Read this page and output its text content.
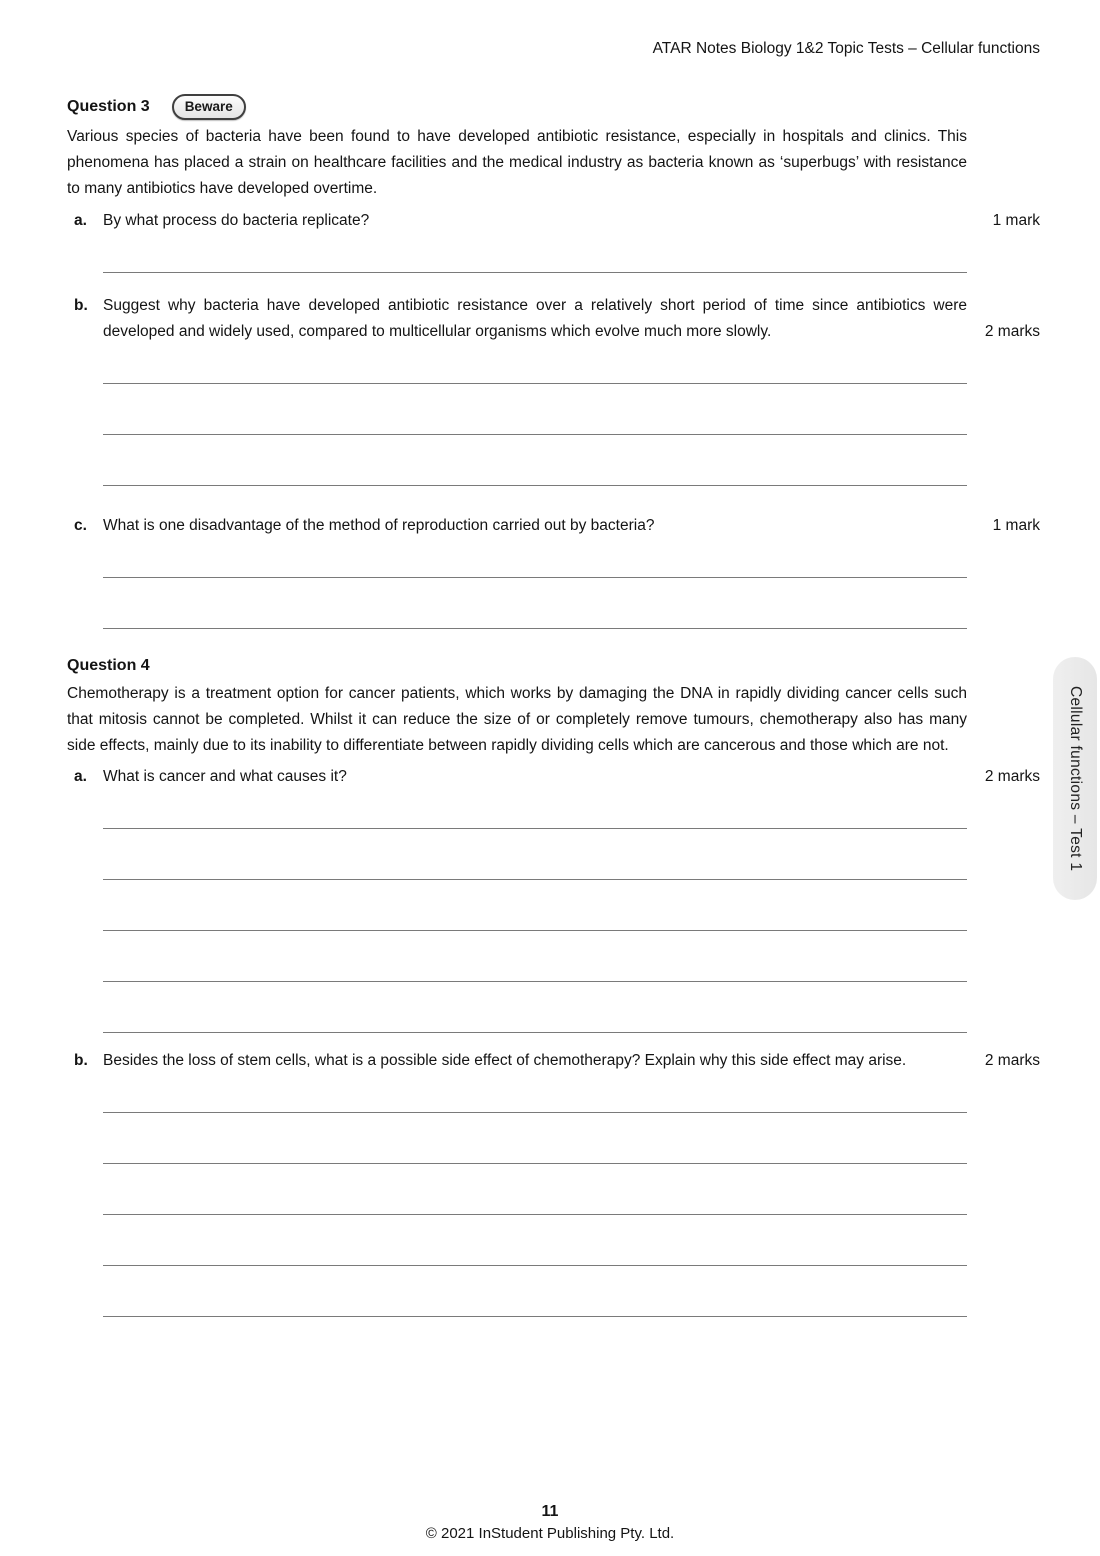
ATAR Notes Biology 1&2 Topic Tests – Cellular functions
Question 3	Beware
Various species of bacteria have been found to have developed antibiotic resistance, especially in hospitals and clinics. This phenomena has placed a strain on healthcare facilities and the medical industry as bacteria known as ‘superbugs’ with resistance to many antibiotics have developed overtime.
a.	By what process do bacteria replicate?	1 mark
b. Suggest why bacteria have developed antibiotic resistance over a relatively short period of time since antibiotics were developed and widely used, compared to multicellular organisms which evolve much more slowly.	2 marks
c.	What is one disadvantage of the method of reproduction carried out by bacteria?	1 mark
Question 4
Chemotherapy is a treatment option for cancer patients, which works by damaging the DNA in rapidly dividing cancer cells such that mitosis cannot be completed. Whilst it can reduce the size of or completely remove tumours, chemotherapy also has many side effects, mainly due to its inability to differentiate between rapidly dividing cells which are cancerous and those which are not.
a.	What is cancer and what causes it?	2 marks
b. Besides the loss of stem cells, what is a possible side effect of chemotherapy? Explain why this side effect may arise.	2 marks
Cellular functions – Test 1
11
© 2021 InStudent Publishing Pty. Ltd.
